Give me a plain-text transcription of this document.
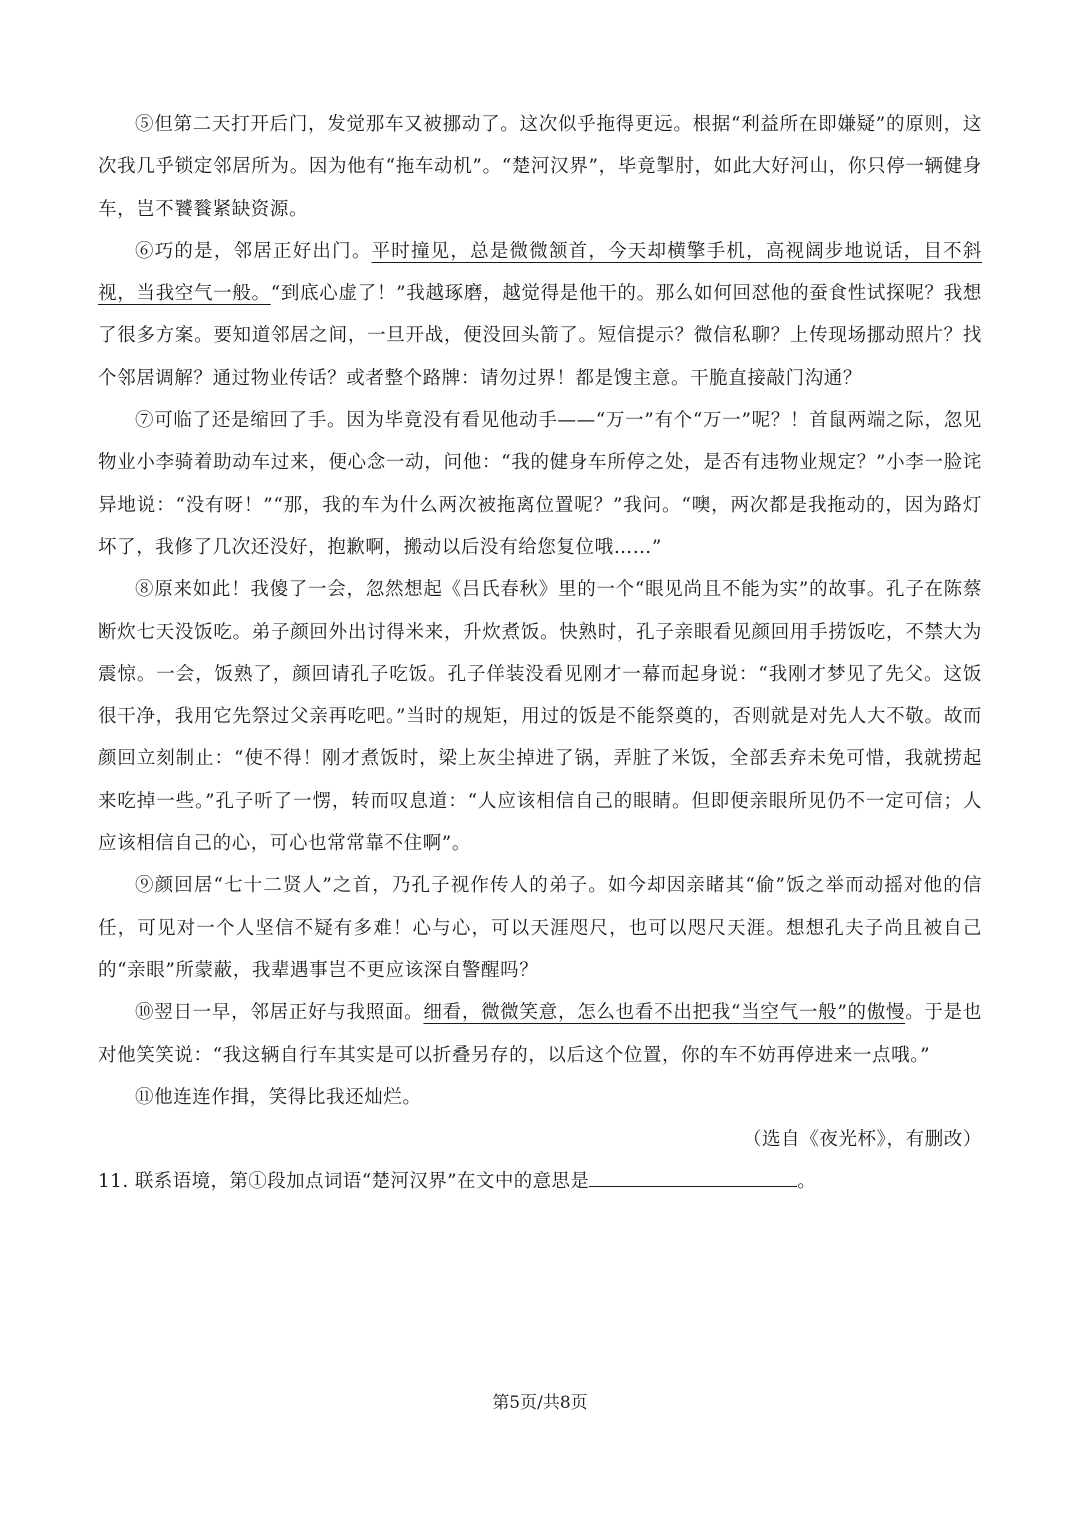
⑤但第二天打开后门，发觉那车又被挪动了。这次似乎拖得更远。根据“利益所在即嫌疑”的原则，这次我几乎锁定邻居所为。因为他有“拖车动机”。“楚河汉界”，毕竟掣肘，如此大好河山，你只停一辆健身车，岂不饕餮紧缺资源。

⑥巧的是，邻居正好出门。平时撞见，总是微微颔首，今天却横擎手机，高视阔步地说话，目不斜视，当我空气一般。“到底心虚了！”我越琢磨，越觉得是他干的。那么如何回怼他的蚕食性试探呢？我想了很多方案。要知道邻居之间，一旦开战，便没回头箭了。短信提示？微信私聊？上传现场挪动照片？找个邻居调解？通过物业传话？或者整个路牌：请勿过界！都是馊主意。干脆直接敲门沟通？

⑦可临了还是缩回了手。因为毕竟没有看见他动手——“万一”有个“万一”呢？！首鼠两端之际，忽见物业小李骑着助动车过来，便心念一动，问他：“我的健身车所停之处，是否有违物业规定？”小李一脸诧异地说：“没有呀！”“那，我的车为什么两次被拖离位置呢？”我问。“噢，两次都是我拖动的，因为路灯坏了，我修了几次还没好，抱歉啊，搬动以后没有给您复位哦……”

⑧原来如此！我傻了一会，忽然想起《吕氏春秋》里的一个“眼见尚且不能为实”的故事。孔子在陈蔡断炊七天没饭吃。弟子颜回外出讨得米来，升炊煮饭。快熟时，孔子亲眼看见颜回用手捞饭吃，不禁大为震惊。一会，饭熟了，颜回请孔子吃饭。孔子佯装没看见刚才一幕而起身说：“我刚才梦见了先父。这饭很干净，我用它先祭过父亲再吃吧。”当时的规矩，用过的饭是不能祭奠的，否则就是对先人大不敬。故而颜回立刻制止：“使不得！刚才煮饭时，梁上灰尘掉进了锅，弄脏了米饭，全部丢弃未免可惜，我就捞起来吃掉一些。”孔子听了一愣，转而叹息道：“人应该相信自己的眼睛。但即便亲眼所见仍不一定可信；人应该相信自己的心，可心也常常靠不住啊”。

⑨颜回居“七十二贤人”之首，乃孔子视作传人的弟子。如今却因亲睹其“偷”饭之举而动摇对他的信任，可见对一个人坚信不疑有多难！心与心，可以天涯咫尺，也可以咫尺天涯。想想孔夫子尚且被自己的“亲眼”所蒙蔽，我辈遇事岂不更应该深自警醒吗？

⑩翌日一早，邻居正好与我照面。细看，微微笑意，怎么也看不出把我“当空气一般”的傲慢。于是也对他笑笑说：“我这辆自行车其实是可以折叠另存的，以后这个位置，你的车不妨再停进来一点哦。”

⑪他连连作揖，笑得比我还灿烂。

（选自《夜光杯》，有删改）

11. 联系语境，第①段加点词语“楚河汉界”在文中的意思是	。

第5页/共8页
